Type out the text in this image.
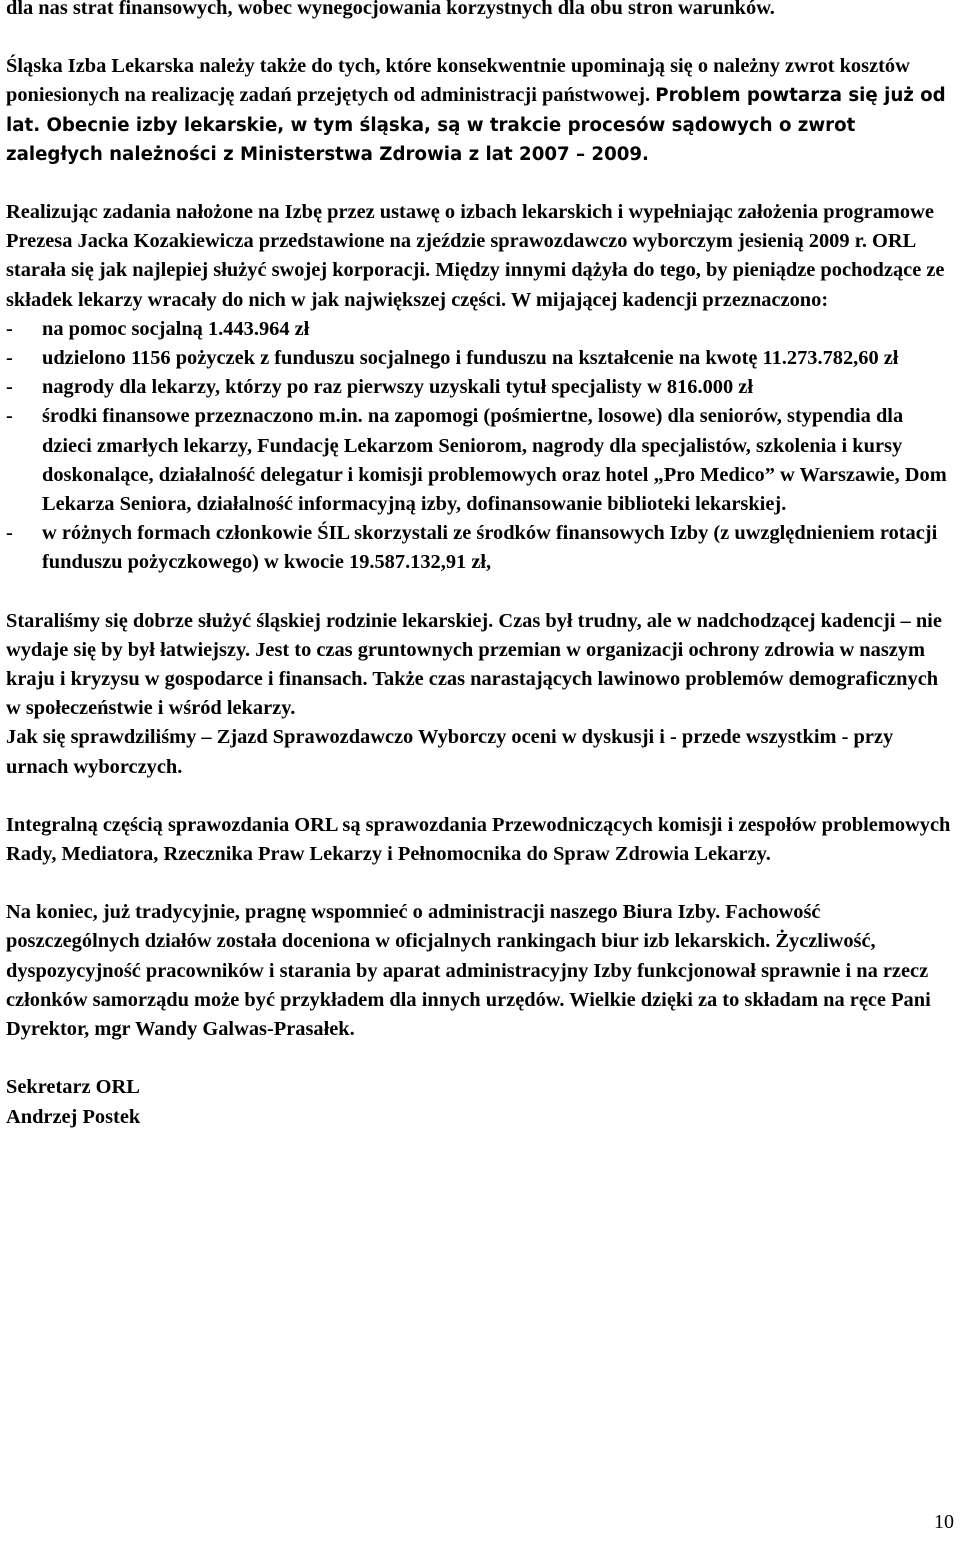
dla nas strat finansowych, wobec wynegocjowania korzystnych dla obu stron warunków.

Śląska Izba Lekarska należy także do tych, które konsekwentnie upominają się o należny zwrot kosztów poniesionych na realizację zadań przejętych od administracji państwowej. Problem powtarza się już od lat. Obecnie izby lekarskie, w tym śląska, są w trakcie procesów sądowych o zwrot zaległych należności z Ministerstwa Zdrowia z lat 2007 – 2009.

Realizując zadania nałożone na Izbę przez ustawę o izbach lekarskich i wypełniając założenia programowe Prezesa Jacka Kozakiewicza przedstawione na zjeździe sprawozdawczo wyborczym jesienią 2009 r. ORL starała się jak najlepiej służyć swojej korporacji. Między innymi dążyła do tego, by pieniądze pochodzące ze składek lekarzy wracały do nich w jak największej części. W mijającej kadencji przeznaczono:

- na pomoc socjalną 1.443.964 zł
- udzielono 1156 pożyczek z funduszu socjalnego i funduszu na kształcenie na kwotę 11.273.782,60 zł
- nagrody dla lekarzy, którzy po raz pierwszy uzyskali tytuł specjalisty w 816.000 zł
- środki finansowe przeznaczono m.in. na zapomogi (pośmiertne, losowe) dla seniorów, stypendia dla dzieci zmarłych lekarzy, Fundację Lekarzom Seniorom, nagrody dla specjalistów, szkolenia i kursy doskonalące, działalność delegatur i komisji problemowych oraz hotel „Pro Medico” w Warszawie, Dom Lekarza Seniora, działalność informacyjną izby, dofinansowanie biblioteki lekarskiej.
- w różnych formach członkowie ŚIL skorzystali ze środków finansowych Izby (z uwzględnieniem rotacji funduszu pożyczkowego) w kwocie 19.587.132,91 zł,

Staraliśmy się dobrze służyć śląskiej rodzinie lekarskiej. Czas był trudny, ale w nadchodzącej kadencji – nie wydaje się by był łatwiejszy. Jest to czas gruntownych przemian w organizacji ochrony zdrowia w naszym kraju i kryzysu w gospodarce i finansach. Także czas narastających lawinowo problemów demograficznych w społeczeństwie i wśród lekarzy.

Jak się sprawdziliśmy – Zjazd Sprawozdawczo Wyborczy oceni w dyskusji i - przede wszystkim - przy urnach wyborczych.

Integralną częścią sprawozdania ORL są sprawozdania Przewodniczących komisji i zespołów problemowych Rady, Mediatora, Rzecznika Praw Lekarzy i Pełnomocnika do Spraw Zdrowia Lekarzy.

Na koniec, już tradycyjnie, pragnę wspomnieć o administracji naszego Biura Izby. Fachowość poszczególnych działów została doceniona w oficjalnych rankingach biur izb lekarskich. Życzliwość, dyspozycyjność pracowników i starania by aparat administracyjny Izby funkcjonował sprawnie i na rzecz członków samorządu może być przykładem dla innych urzędów. Wielkie dzięki za to składam na ręce Pani Dyrektor, mgr Wandy Galwas-Prasałek.

Sekretarz ORL

Andrzej Postek

10
